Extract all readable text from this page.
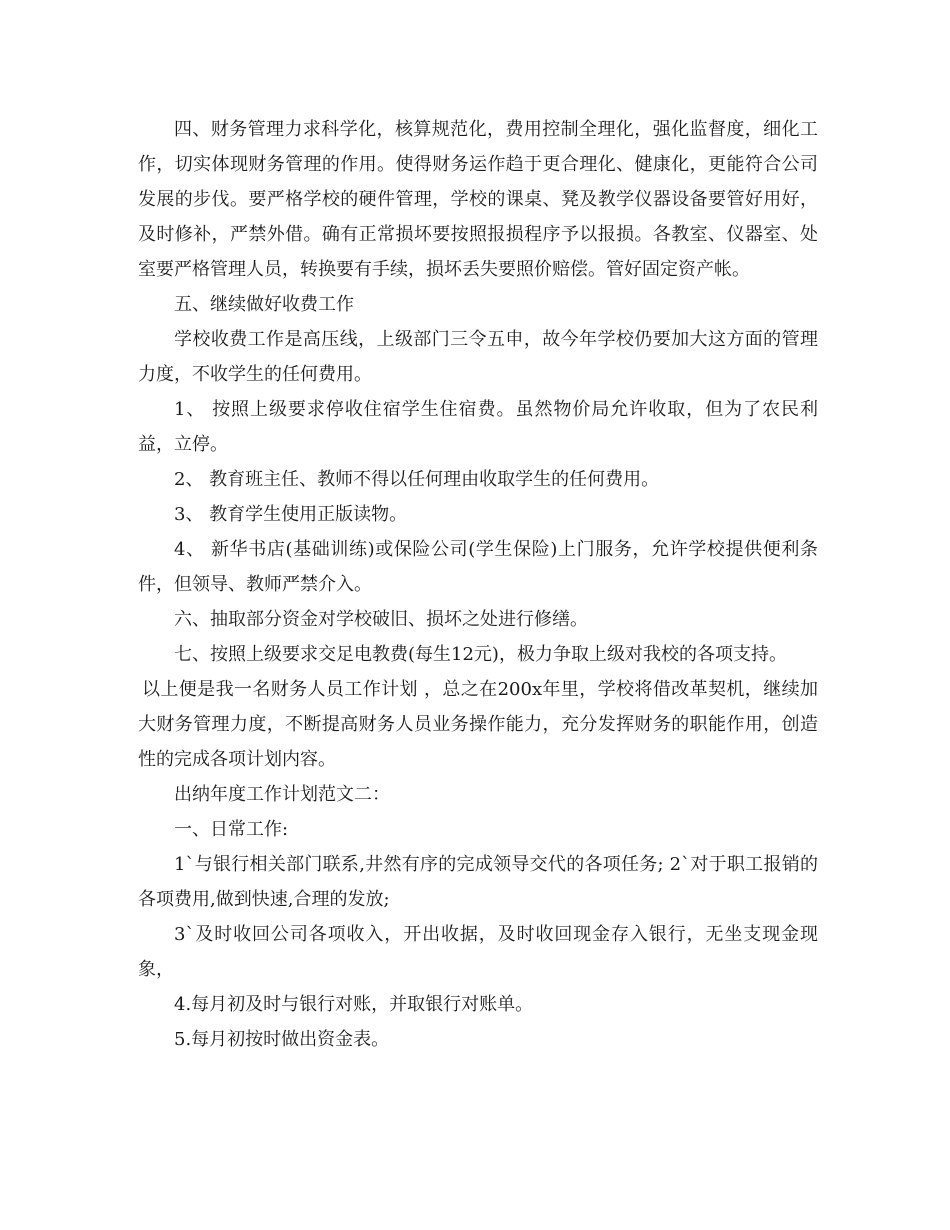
四、财务管理力求科学化，核算规范化，费用控制全理化，强化监督度，细化工作，切实体现财务管理的作用。使得财务运作趋于更合理化、健康化，更能符合公司发展的步伐。要严格学校的硬件管理，学校的课桌、凳及教学仪器设备要管好用好，及时修补，严禁外借。确有正常损坏要按照报损程序予以报损。各教室、仪器室、处室要严格管理人员，转换要有手续，损坏丢失要照价赔偿。管好固定资产帐。

五、继续做好收费工作

学校收费工作是高压线，上级部门三令五申，故今年学校仍要加大这方面的管理力度，不收学生的任何费用。

1、 按照上级要求停收住宿学生住宿费。虽然物价局允许收取，但为了农民利益，立停。

2、 教育班主任、教师不得以任何理由收取学生的任何费用。

3、 教育学生使用正版读物。

4、 新华书店(基础训练)或保险公司(学生保险)上门服务，允许学校提供便利条件，但领导、教师严禁介入。

六、抽取部分资金对学校破旧、损坏之处进行修缮。

七、按照上级要求交足电教费(每生12元)，极力争取上级对我校的各项支持。

以上便是我一名财务人员工作计划 ，总之在200x年里，学校将借改革契机，继续加大财务管理力度，不断提高财务人员业务操作能力，充分发挥财务的职能作用，创造性的完成各项计划内容。

出纳年度工作计划范文二：

一、日常工作:

1`与银行相关部门联系,井然有序的完成领导交代的各项任务; 2`对于职工报销的各项费用,做到快速,合理的发放;

3`及时收回公司各项收入，开出收据，及时收回现金存入银行，无坐支现金现象，

4.每月初及时与银行对账，并取银行对账单。

5.每月初按时做出资金表。
